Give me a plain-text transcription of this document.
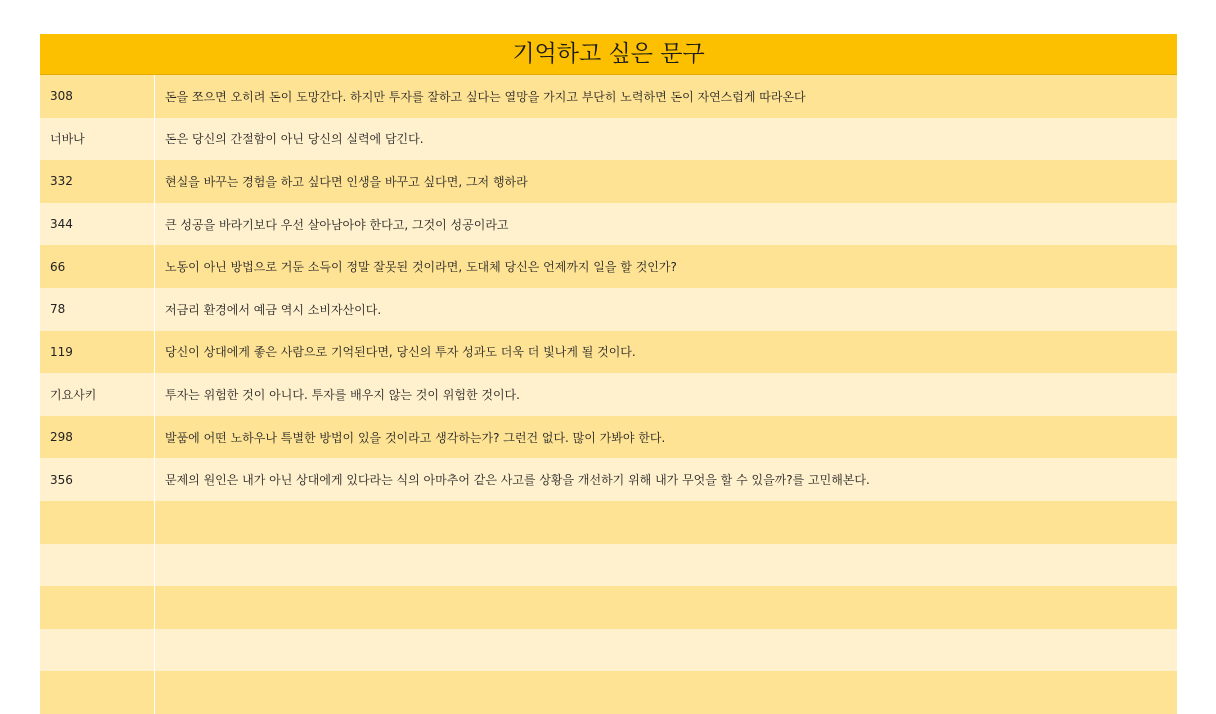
기억하고 싶은 문구
308	돈을 쪼으면 오히려 돈이 도망간다. 하지만 투자를 잘하고 싶다는 열망을 가지고 부단히 노력하면 돈이 자연스럽게 따라온다
너바나	돈은 당신의 간절함이 아닌 당신의 실력에 담긴다.
332	현실을 바꾸는 경험을 하고 싶다면 인생을 바꾸고 싶다면, 그저 행하라
344	큰 성공을 바라기보다 우선 살아남아야 한다고, 그것이 성공이라고
66	노동이 아닌 방법으로 거둔 소득이 정말 잘못된 것이라면, 도대체 당신은 언제까지 일을 할 것인가?
78	저금리 환경에서 예금 역시 소비자산이다.
119	당신이 상대에게 좋은 사람으로 기억된다면, 당신의 투자 성과도 더욱 더 빛나게 될 것이다.
기요사키	투자는 위험한 것이 아니다. 투자를 배우지 않는 것이 위험한 것이다.
298	발품에 어떤 노하우나 특별한 방법이 있을 것이라고 생각하는가? 그런건 없다. 많이 가봐야 한다.
356	문제의 원인은 내가 아닌 상대에게 있다라는 식의 아마추어 같은 사고를 상황을 개선하기 위해 내가 무엇을 할 수 있을까?를 고민해본다.
